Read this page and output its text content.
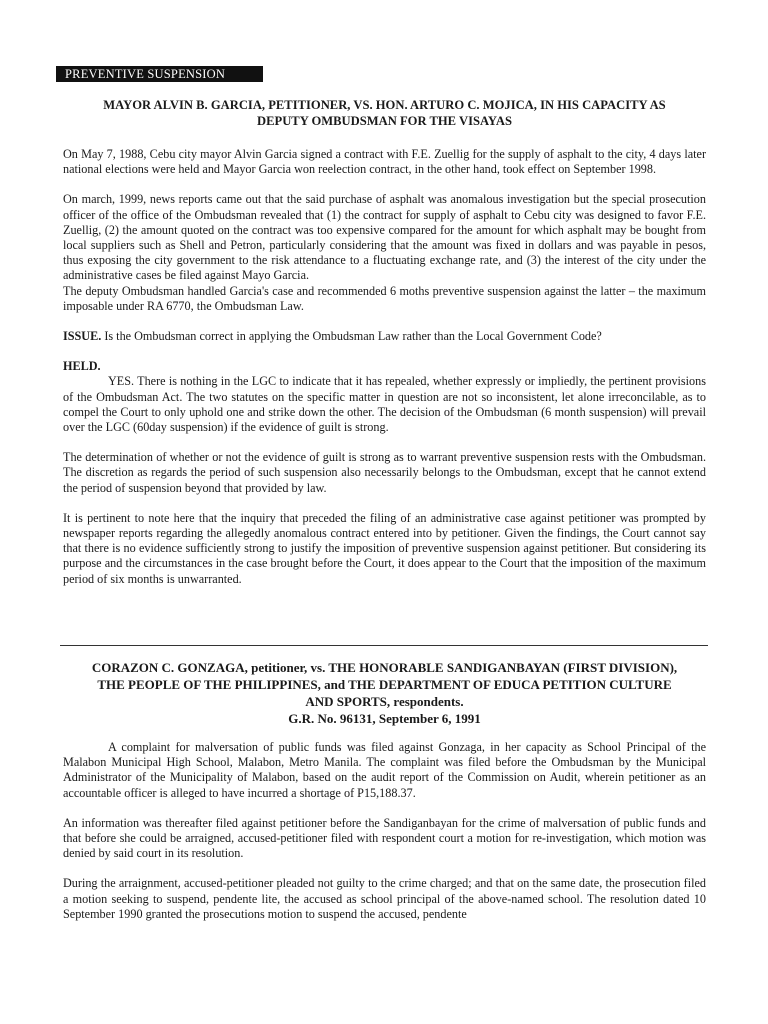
PREVENTIVE SUSPENSION

MAYOR ALVIN B. GARCIA, PETITIONER, VS. HON. ARTURO C. MOJICA, IN HIS CAPACITY AS

DEPUTY OMBUDSMAN FOR THE VISAYAS

On May 7, 1988, Cebu city mayor Alvin Garcia signed a contract with F.E. Zuellig for the supply of asphalt to the city, 4 days later national elections were held and Mayor Garcia won reelection contract, in the other hand, took effect on September 1998.

On march, 1999, news reports came out that the said purchase of asphalt was anomalous investigation but the special prosecution officer of the office of the Ombudsman revealed that (1) the contract for supply of asphalt to Cebu city was designed to favor F.E. Zuellig, (2) the amount quoted on the contract was too expensive compared for the amount for which asphalt may be bought from local suppliers such as Shell and Petron, particularly considering that the amount was fixed in dollars and was payable in pesos, thus exposing the city government to the risk attendance to a fluctuating exchange rate, and (3) the interest of the city under the administrative cases be filed against Mayo Garcia.

The deputy Ombudsman handled Garcia's case and recommended 6 moths preventive suspension against the latter – the maximum imposable under RA 6770, the Ombudsman Law.

ISSUE. Is the Ombudsman correct in applying the Ombudsman Law rather than the Local Government Code?

HELD.

YES. There is nothing in the LGC to indicate that it has repealed, whether expressly or impliedly, the pertinent provisions of the Ombudsman Act. The two statutes on the specific matter in question are not so inconsistent, let alone irreconcilable, as to compel the Court to only uphold one and strike down the other. The decision of the Ombudsman (6 month suspension) will prevail over the LGC (60day suspension) if the evidence of guilt is strong.

The determination of whether or not the evidence of guilt is strong as to warrant preventive suspension rests with the Ombudsman. The discretion as regards the period of such suspension also necessarily belongs to the Ombudsman, except that he cannot extend the period of suspension beyond that provided by law.

It is pertinent to note here that the inquiry that preceded the filing of an administrative case against petitioner was prompted by newspaper reports regarding the allegedly anomalous contract entered into by petitioner. Given the findings, the Court cannot say that there is no evidence sufficiently strong to justify the imposition of preventive suspension against petitioner. But considering its purpose and the circumstances in the case brought before the Court, it does appear to the Court that the imposition of the maximum period of six months is unwarranted.

CORAZON C. GONZAGA, petitioner, vs. THE HONORABLE SANDIGANBAYAN (FIRST DIVISION),

THE PEOPLE OF THE PHILIPPINES, and THE DEPARTMENT OF EDUCA PETITION CULTURE

AND SPORTS, respondents.

G.R. No. 96131, September 6, 1991

A complaint for malversation of public funds was filed against Gonzaga, in her capacity as School Principal of the Malabon Municipal High School, Malabon, Metro Manila. The complaint was filed before the Ombudsman by the Municipal Administrator of the Municipality of Malabon, based on the audit report of the Commission on Audit, wherein petitioner as an accountable officer is alleged to have incurred a shortage of P15,188.37.

An information was thereafter filed against petitioner before the Sandiganbayan for the crime of malversation of public funds and that before she could be arraigned, accused-petitioner filed with respondent court a motion for re-investigation, which motion was denied by said court in its resolution.

During the arraignment, accused-petitioner pleaded not guilty to the crime charged; and that on the same date, the prosecution filed a motion seeking to suspend, pendente lite, the accused as school principal of the above-named school. The resolution dated 10 September 1990 granted the prosecutions motion to suspend the accused, pendente
